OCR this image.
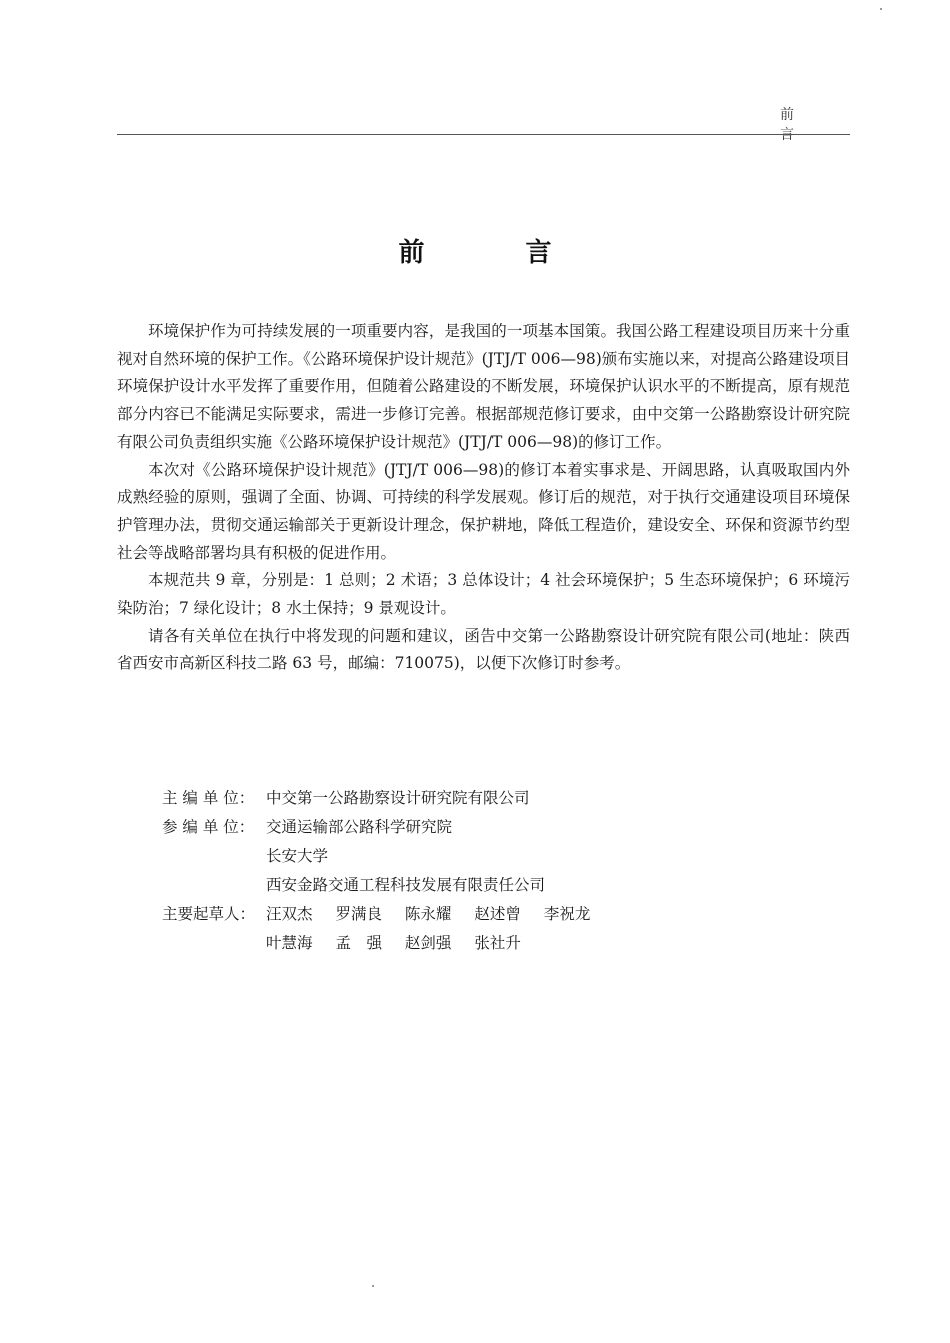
前 言
前 言

环境保护作为可持续发展的一项重要内容，是我国的一项基本国策。我国公路工程建设项目历来十分重视对自然环境的保护工作。《公路环境保护设计规范》(JTJ/T 006—98)颁布实施以来，对提高公路建设项目环境保护设计水平发挥了重要作用，但随着公路建设的不断发展，环境保护认识水平的不断提高，原有规范部分内容已不能满足实际要求，需进一步修订完善。根据部规范修订要求，由中交第一公路勘察设计研究院有限公司负责组织实施《公路环境保护设计规范》(JTJ/T 006—98)的修订工作。

本次对《公路环境保护设计规范》(JTJ/T 006—98)的修订本着实事求是、开阔思路，认真吸取国内外成熟经验的原则，强调了全面、协调、可持续的科学发展观。修订后的规范，对于执行交通建设项目环境保护管理办法，贯彻交通运输部关于更新设计理念，保护耕地，降低工程造价，建设安全、环保和资源节约型社会等战略部署均具有积极的促进作用。

本规范共 9 章，分别是：1 总则；2 术语；3 总体设计；4 社会环境保护；5 生态环境保护；6 环境污染防治；7 绿化设计；8 水土保持；9 景观设计。

请各有关单位在执行中将发现的问题和建议，函告中交第一公路勘察设计研究院有限公司(地址：陕西省西安市高新区科技二路 63 号，邮编：710075)，以便下次修订时参考。

主 编 单 位： 中交第一公路勘察设计研究院有限公司
参 编 单 位： 交通运输部公路科学研究院
长安大学
西安金路交通工程科技发展有限责任公司
主要起草人： 汪双杰 罗满良 陈永耀 赵述曾 李祝龙
叶慧海 孟　强 赵剑强 张社升
